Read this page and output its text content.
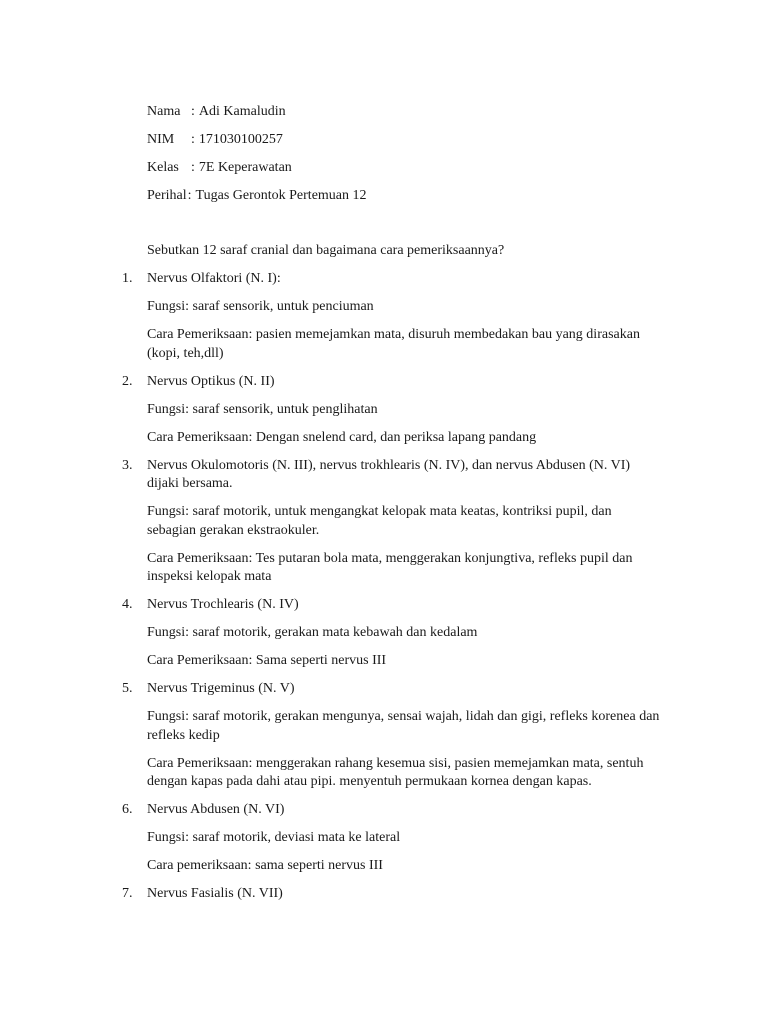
Nama : Adi Kamaludin
NIM : 171030100257
Kelas : 7E Keperawatan
Perihal: Tugas Gerontok Pertemuan 12
Sebutkan 12 saraf cranial dan bagaimana cara pemeriksaannya?
1. Nervus Olfaktori (N. I):
Fungsi: saraf sensorik, untuk penciuman
Cara Pemeriksaan: pasien memejamkan mata, disuruh membedakan bau yang dirasakan (kopi, teh,dll)
2. Nervus Optikus (N. II)
Fungsi: saraf sensorik, untuk penglihatan
Cara Pemeriksaan: Dengan snelend card, dan periksa lapang pandang
3. Nervus Okulomotoris (N. III), nervus trokhlearis (N. IV), dan nervus Abdusen (N. VI) dijaki bersama.
Fungsi: saraf motorik, untuk mengangkat kelopak mata keatas, kontriksi pupil, dan sebagian gerakan ekstraokuler.
Cara Pemeriksaan: Tes putaran bola mata, menggerakan konjungtiva, refleks pupil dan inspeksi kelopak mata
4. Nervus Trochlearis (N. IV)
Fungsi: saraf motorik, gerakan mata kebawah dan kedalam
Cara Pemeriksaan: Sama seperti nervus III
5. Nervus Trigeminus (N. V)
Fungsi: saraf motorik, gerakan mengunya, sensai wajah, lidah dan gigi, refleks korenea dan refleks kedip
Cara Pemeriksaan: menggerakan rahang kesemua sisi, pasien memejamkan mata, sentuh dengan kapas pada dahi atau pipi. menyentuh permukaan kornea dengan kapas.
6. Nervus Abdusen (N. VI)
Fungsi: saraf motorik, deviasi mata ke lateral
Cara pemeriksaan: sama seperti nervus III
7. Nervus Fasialis (N. VII)
